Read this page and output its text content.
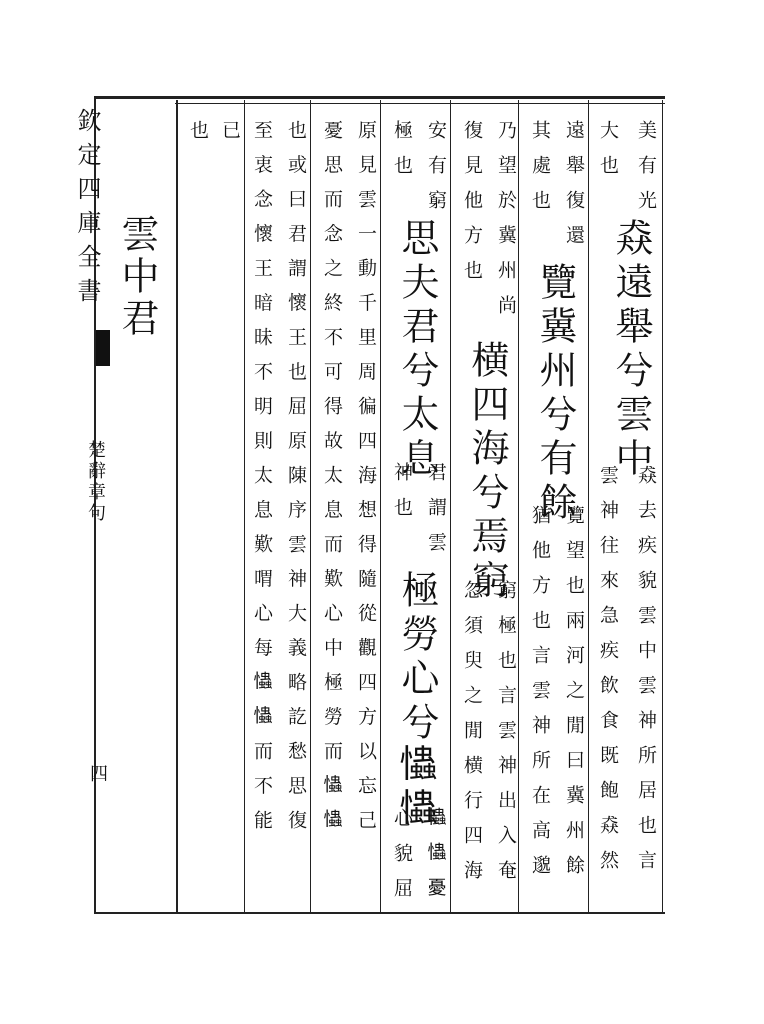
欽定四庫全書
楚辭章句
四
雲中君
美有光
大也
猋遠舉兮雲中
猋去疾貌雲中雲神所居也言
遠舉復還
雲神往來急疾飲食既飽猋然
其處也
覽冀州兮有餘
覽望也兩河之閒曰冀州餘
乃望於冀州尚
猶他方也言雲神所在高邈
復見他方也
横四海兮焉窮
窮極也言雲神出入奄
安有窮
忽須臾之閒横行四海
極也
思夫君兮太息
君謂雲
極勞心兮𢥞𢥞
神也
𢥞𢥞憂
心貌屈
原見雲一動千里周徧四海想得隨從觀四方以忘己
憂思而念之終不可得故太息而歎心中極勞而𢥞𢥞
也或曰君謂懷王也屈原陳序雲神大義略訖愁思復
至衷念懷王暗昧不明則太息歎喟心每𢥞𢥞而不能
已
也
